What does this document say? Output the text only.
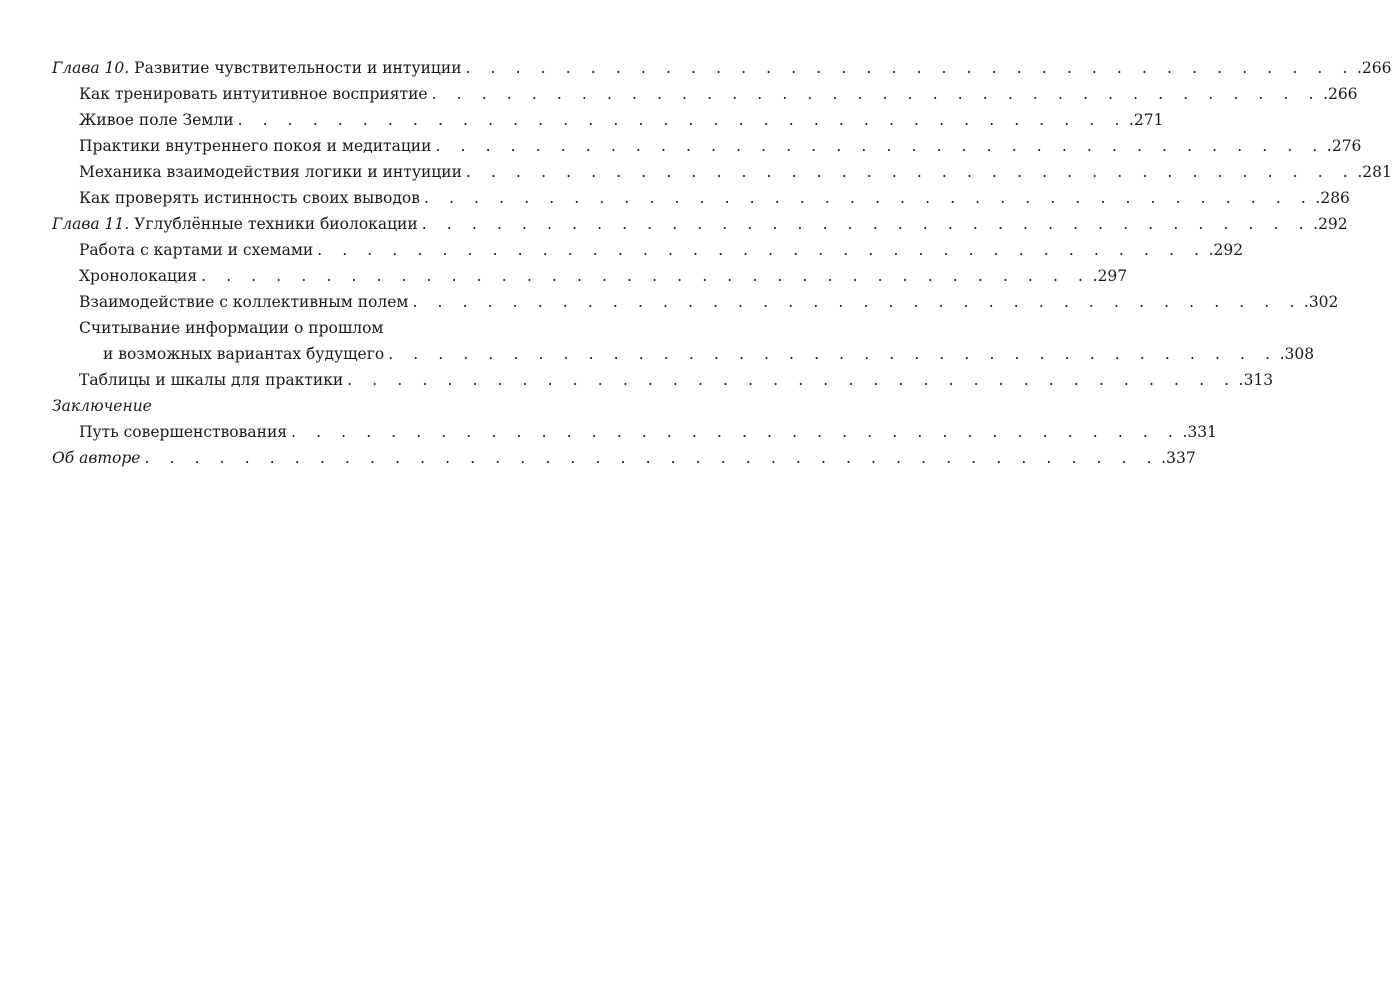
Глава 10. Развитие чувствительности и интуиции . . . . . . . . . . . . . . . . . . . . . . . . . . . . . . . . . . . . .266
Как тренировать интуитивное восприятие . . . . . . . . . . . . . . . . . . . . . . . . . . . . . . . . . . . . .266
Живое поле Земли . . . . . . . . . . . . . . . . . . . . . . . . . . . . . . . . . . . . .271
Практики внутреннего покоя и медитации . . . . . . . . . . . . . . . . . . . . . . . . . . . . . . . . . . . . .276
Механика взаимодействия логики и интуиции . . . . . . . . . . . . . . . . . . . . . . . . . . . . . . . . . . . . .281
Как проверять истинность своих выводов . . . . . . . . . . . . . . . . . . . . . . . . . . . . . . . . . . . . .286
Глава 11. Углублённые техники биолокации . . . . . . . . . . . . . . . . . . . . . . . . . . . . . . . . . . . . .292
Работа с картами и схемами . . . . . . . . . . . . . . . . . . . . . . . . . . . . . . . . . . . . .292
Хронолокация . . . . . . . . . . . . . . . . . . . . . . . . . . . . . . . . . . . . .297
Взаимодействие с коллективным полем . . . . . . . . . . . . . . . . . . . . . . . . . . . . . . . . . . . . .302
Считывание информации о прошлом
и возможных вариантах будущего . . . . . . . . . . . . . . . . . . . . . . . . . . . . . . . . . . . . .308
Таблицы и шкалы для практики . . . . . . . . . . . . . . . . . . . . . . . . . . . . . . . . . . . . .313
Заключение
Путь совершенствования . . . . . . . . . . . . . . . . . . . . . . . . . . . . . . . . . . . . .331
Об авторе . . . . . . . . . . . . . . . . . . . . . . . . . . . . . . . . . . . . . . . . . .337
